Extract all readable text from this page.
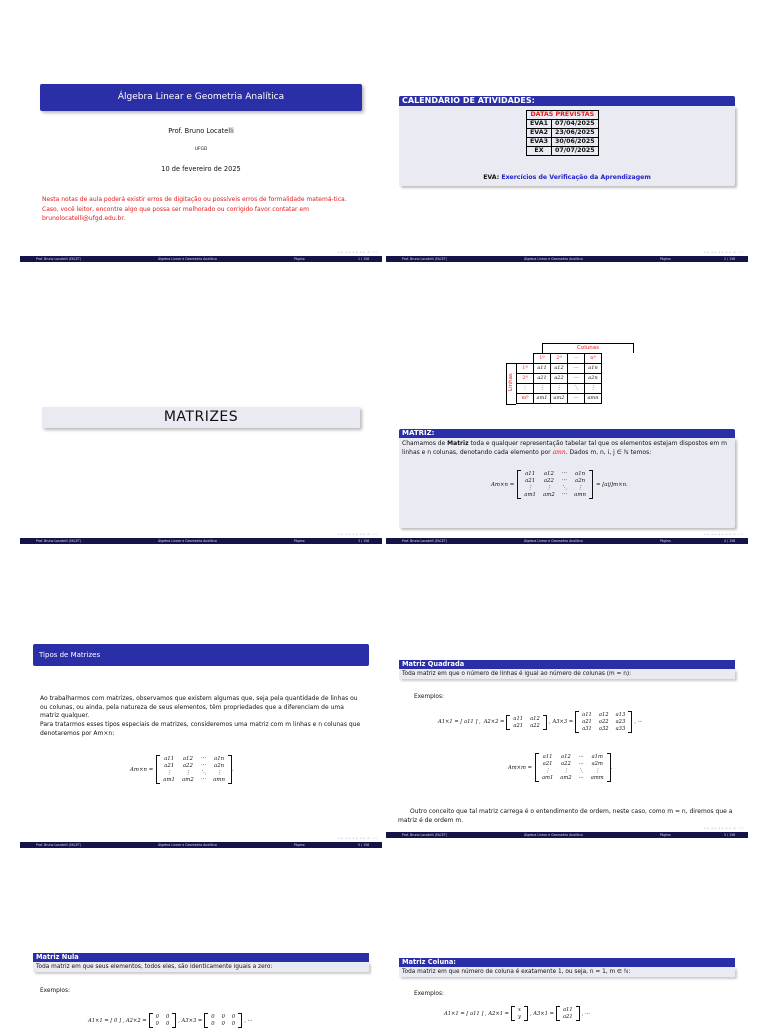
Álgebra Linear e Geometria Analítica
Prof. Bruno Locatelli
UFGD
10 de fevereiro de 2025
Nesta notas de aula poderá existir erros de digitação ou possíveis erros de formalidade matemá-tica. Caso, você leitor, encontre algo que possa ser melhorado ou corrigido favor contatar em brunolocatelli@ufgd.edu.br.
◂ ▸ ◂ ▸ ◂ ▸ ◂ ▸ ≡ ∽∾
Prof. Bruno Locatelli (FACET)	Álgebra Linear e Geometria Analítica	Página	1 / 158
CALENDÁRIO DE ATIVIDADES:
DATAS PREVISTAS	
EVA1	07/04/2025
EVA2	23/06/2025
EVA3	30/06/2025
EX	07/07/2025
EVA: Exercícios de Verificação da Aprendizagem
◂ ▸ ◂ ▸ ◂ ▸ ◂ ▸ ≡ ∽∾
Prof. Bruno Locatelli (FACET)	Álgebra Linear e Geometria Analítica	Página	2 / 158
MATRIZES
◂ ▸ ◂ ▸ ◂ ▸ ◂ ▸ ≡ ∽∾
Prof. Bruno Locatelli (FACET)	Álgebra Linear e Geometria Analítica	Página	3 / 158
Colunas
Linhas
	1ª	2ª	···	nª
1ª	a11	a12	···	a1n
2ª	a21	a22	···	a2n
⋮	⋮	⋮	⋱	⋮
mª	am1	am2	···	amn
MATRIZ:
Chamamos de Matriz toda e qualquer representação tabelar tal que os elementos estejam dispostos em m linhas e n colunas, denotando cada elemento por amn. Dados m, n, i, j ∈ ℕ temos:
Am×n =
a11 a12 ··· a1n
a21 a22 ··· a2n
⋮	⋮	⋱	⋮
am1 am2 ··· amn
= [aij]m×n.
◂ ▸ ◂ ▸ ◂ ▸ ◂ ▸ ≡ ∽∾
Prof. Bruno Locatelli (FACET)	Álgebra Linear e Geometria Analítica	Página	4 / 158
Tipos de Matrizes
Ao trabalharmos com matrizes, observamos que existem algumas que, seja pela quantidade de linhas ou ou colunas, ou ainda, pela natureza de seus elementos, têm propriedades que a diferenciam de uma matriz qualquer.
Para tratarmos esses tipos especiais de matrizes, consideremos uma matriz com m linhas e n colunas que denotaremos por Am×n:
Am×n =
a11 a12 ··· a1n
a21 a22 ··· a2n
⋮	⋮	⋱	⋮
am1 am2 ··· amn
.
◂ ▸ ◂ ▸ ◂ ▸ ◂ ▸ ≡ ∽∾
Prof. Bruno Locatelli (FACET)	Álgebra Linear e Geometria Analítica	Página	5 / 158
Matriz Quadrada
Toda matriz em que o número de linhas é igual ao número de colunas (m = n):
Exemplos:
A1×1 = [ a11 ] , A2×2 =
a11 a12
a21 a22
, A3×3 =
a11 a12 a13
a21 a22 a23
a31 a32 a33
, ···
Am×m =
a11 a12 ··· a1m
a21 a22 ··· a2m
⋮	⋮	⋱	⋮
am1 am2 ··· amm
.
Outro conceito que tal matriz carrega é o entendimento de ordem, neste caso, como m = n, diremos que a matriz é de ordem m.
◂ ▸ ◂ ▸ ◂ ▸ ◂ ▸ ≡ ∽∾
Prof. Bruno Locatelli (FACET)	Álgebra Linear e Geometria Analítica	Página	5 / 158
Matriz Nula
Toda matriz em que seus elementos, todos eles, são identicamente iguais a zero:
Exemplos:
A1×1 = [ 0 ] , A2×2 =
0 0
0 0
, A3×3 =
0 0 0
0 0 0
, ···
Matriz Coluna:
Toda matriz em que número de coluna é exatamente 1, ou seja, n = 1, m ∈ ℕ:
Exemplos:
A1×1 = [ a11 ] , A2×1 =
x
y
, A3×1 =
a11
a21
, ···
